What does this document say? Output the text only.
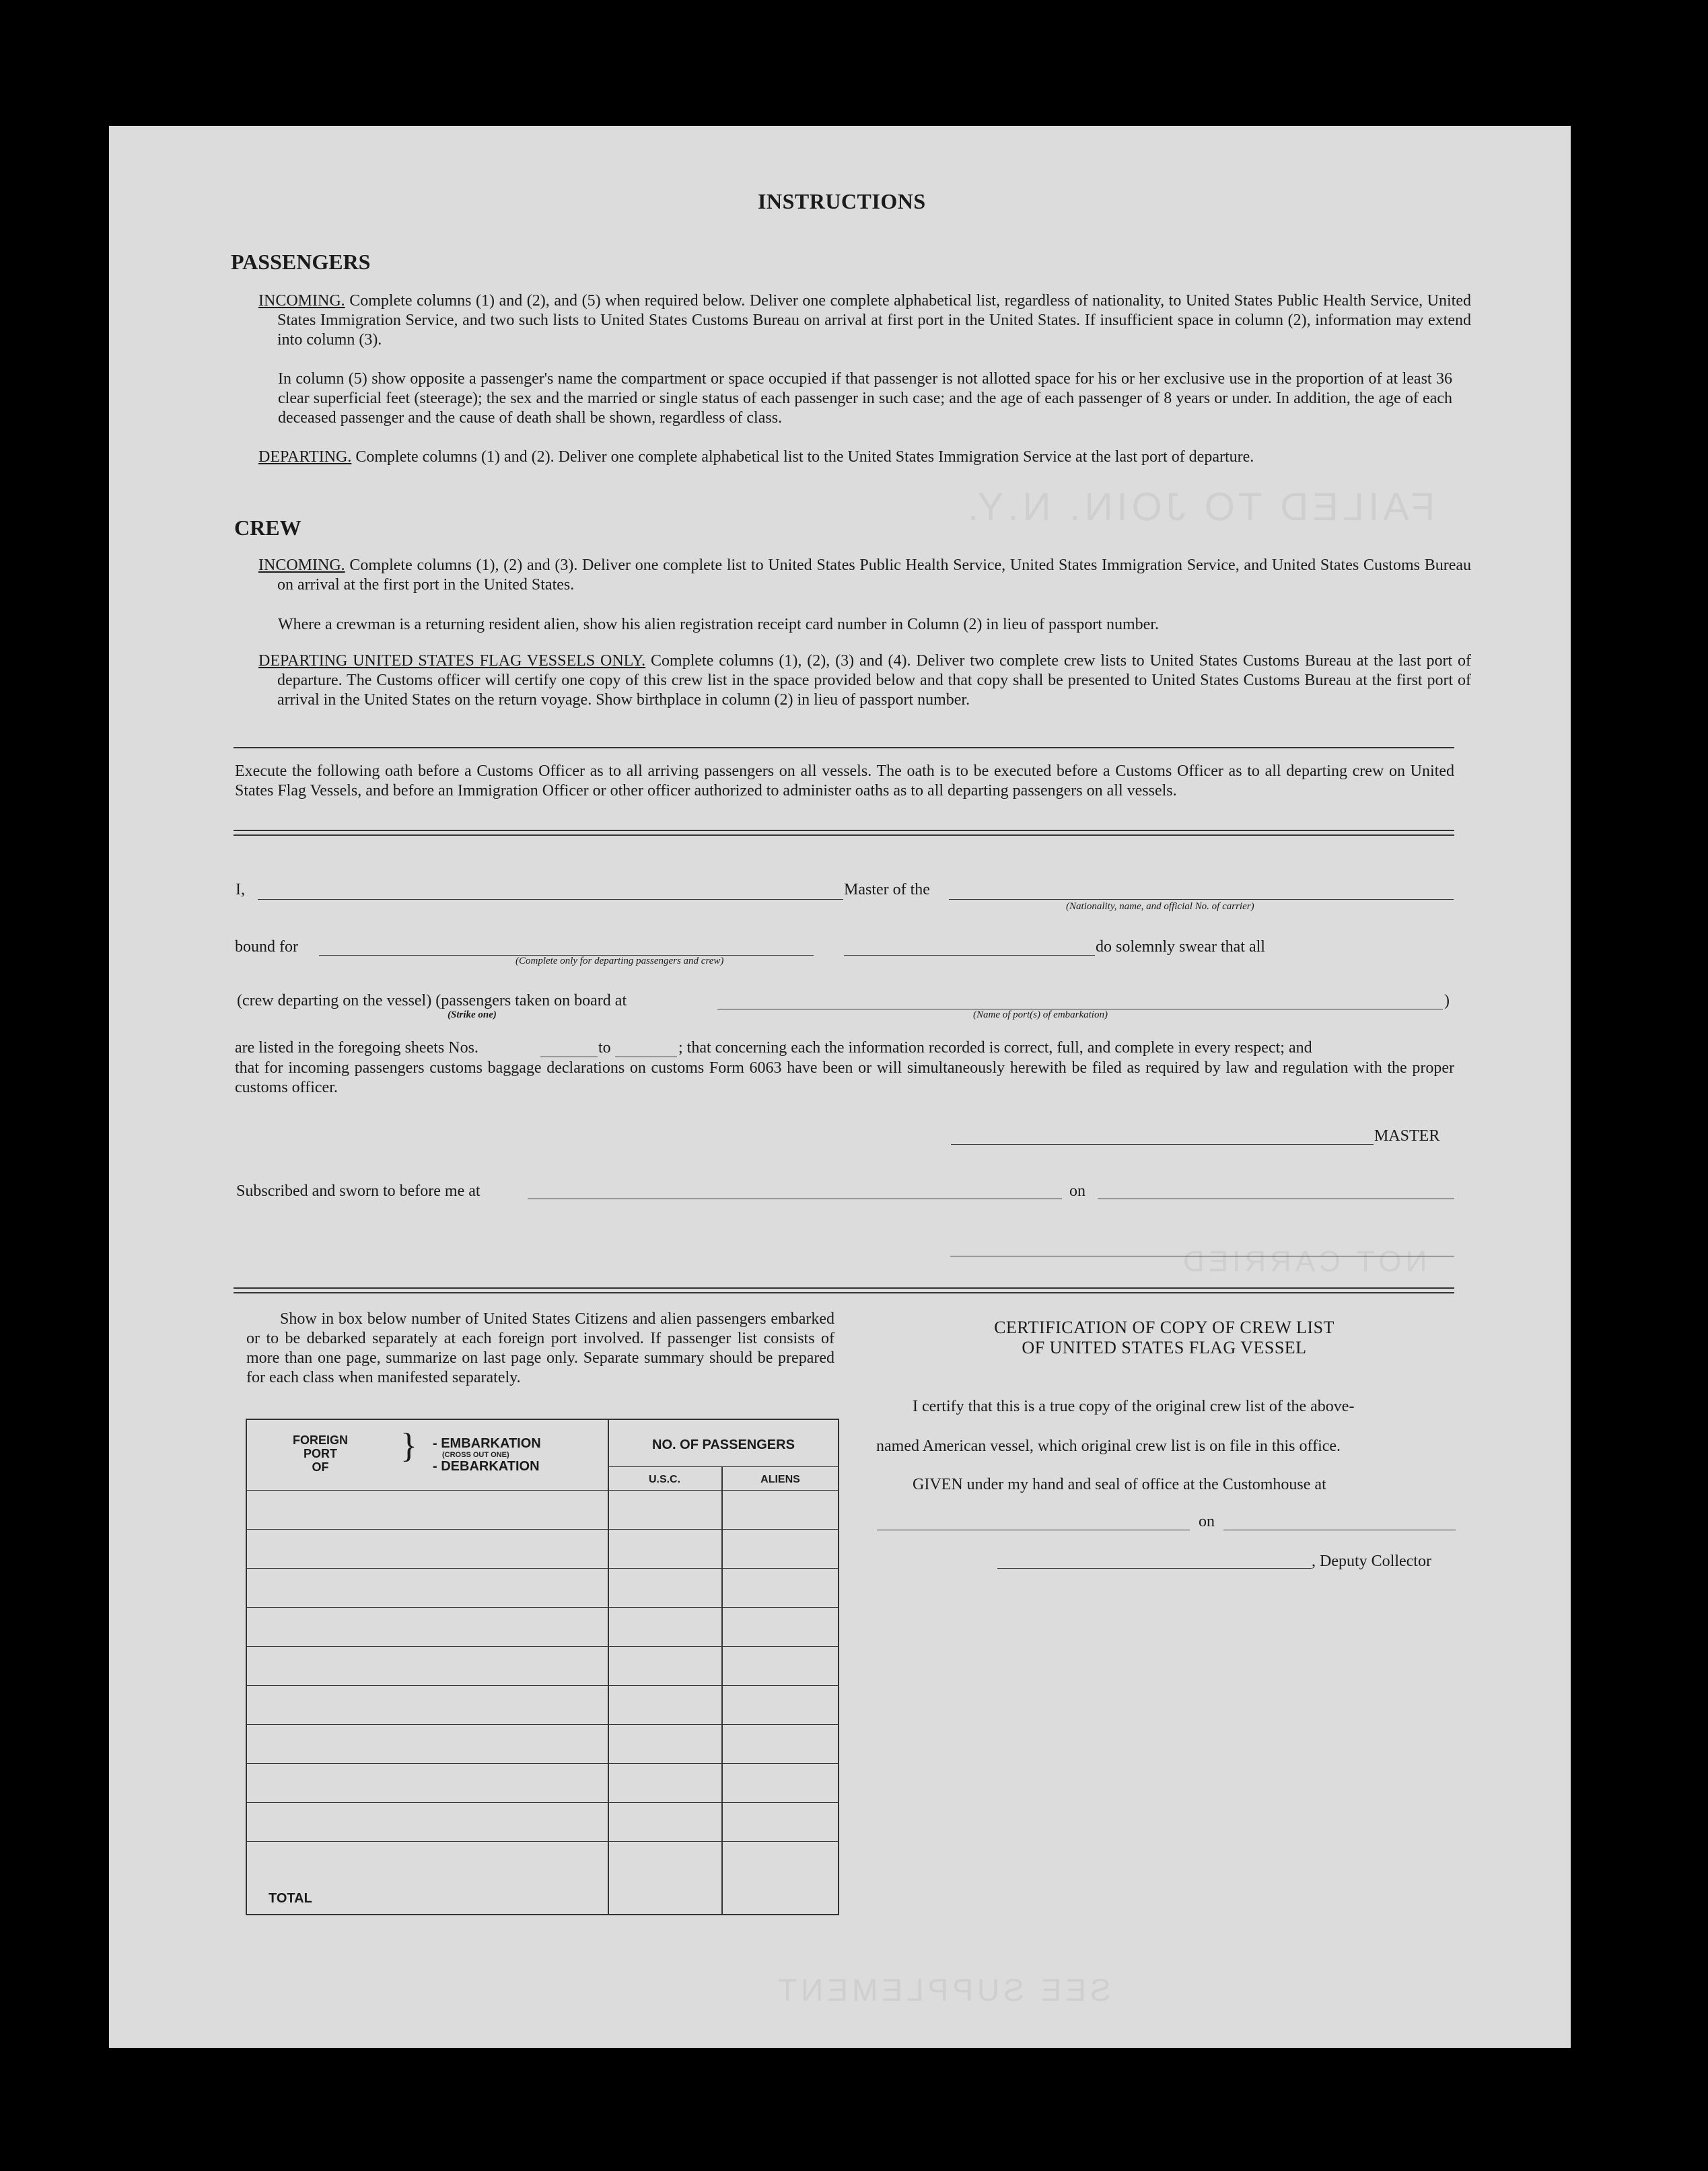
FAILED TO JOIN. N.Y.
NOT CARRIED
SEE SUPPLEMENT
INSTRUCTIONS
PASSENGERS
INCOMING. Complete columns (1) and (2), and (5) when required below. Deliver one complete alphabetical list, regardless of nationality, to United States Public Health Service, United States Immigration Service, and two such lists to United States Customs Bureau on arrival at first port in the United States. If insufficient space in column (2), information may extend into column (3).
In column (5) show opposite a passenger's name the compartment or space occupied if that passenger is not allotted space for his or her exclusive use in the proportion of at least 36 clear superficial feet (steerage); the sex and the married or single status of each passenger in such case; and the age of each passenger of 8 years or under. In addition, the age of each deceased passenger and the cause of death shall be shown, regardless of class.
DEPARTING. Complete columns (1) and (2). Deliver one complete alphabetical list to the United States Immigration Service at the last port of departure.
CREW
INCOMING. Complete columns (1), (2) and (3). Deliver one complete list to United States Public Health Service, United States Immigration Service, and United States Customs Bureau on arrival at the first port in the United States.
Where a crewman is a returning resident alien, show his alien registration receipt card number in Column (2) in lieu of passport number.
DEPARTING UNITED STATES FLAG VESSELS ONLY. Complete columns (1), (2), (3) and (4). Deliver two complete crew lists to United States Customs Bureau at the last port of departure. The Customs officer will certify one copy of this crew list in the space provided below and that copy shall be presented to United States Customs Bureau at the first port of arrival in the United States on the return voyage. Show birthplace in column (2) in lieu of passport number.
Execute the following oath before a Customs Officer as to all arriving passengers on all vessels. The oath is to be executed before a Customs Officer as to all departing crew on United States Flag Vessels, and before an Immigration Officer or other officer authorized to administer oaths as to all departing passengers on all vessels.
I,	Master of the
(Nationality, name, and official No. of carrier)
bound for
(Complete only for departing passengers and crew)
do solemnly swear that all
(crew departing on the vessel) (passengers taken on board at	)
(Strike one)	(Name of port(s) of embarkation)
are listed in the foregoing sheets Nos.	to	; that concerning each the information recorded is correct, full, and complete in every respect; and
that for incoming passengers customs baggage declarations on customs Form 6063 have been or will simultaneously herewith be filed as required by law and regulation with the proper customs officer.
MASTER
Subscribed and sworn to before me at	on
Show in box below number of United States Citizens and alien passengers embarked or to be debarked separately at each foreign port involved. If passenger list consists of more than one page, summarize on last page only. Separate summary should be prepared for each class when manifested separately.
FOREIGN
PORT
OF
} - EMBARKATION
(CROSS OUT ONE)
- DEBARKATION
NO. OF PASSENGERS
U.S.C.	ALIENS
TOTAL
CERTIFICATION OF COPY OF CREW LIST
OF UNITED STATES FLAG VESSEL
I certify that this is a true copy of the original crew list of the above-
named American vessel, which original crew list is on file in this office.
GIVEN under my hand and seal of office at the Customhouse at
on
, Deputy Collector
